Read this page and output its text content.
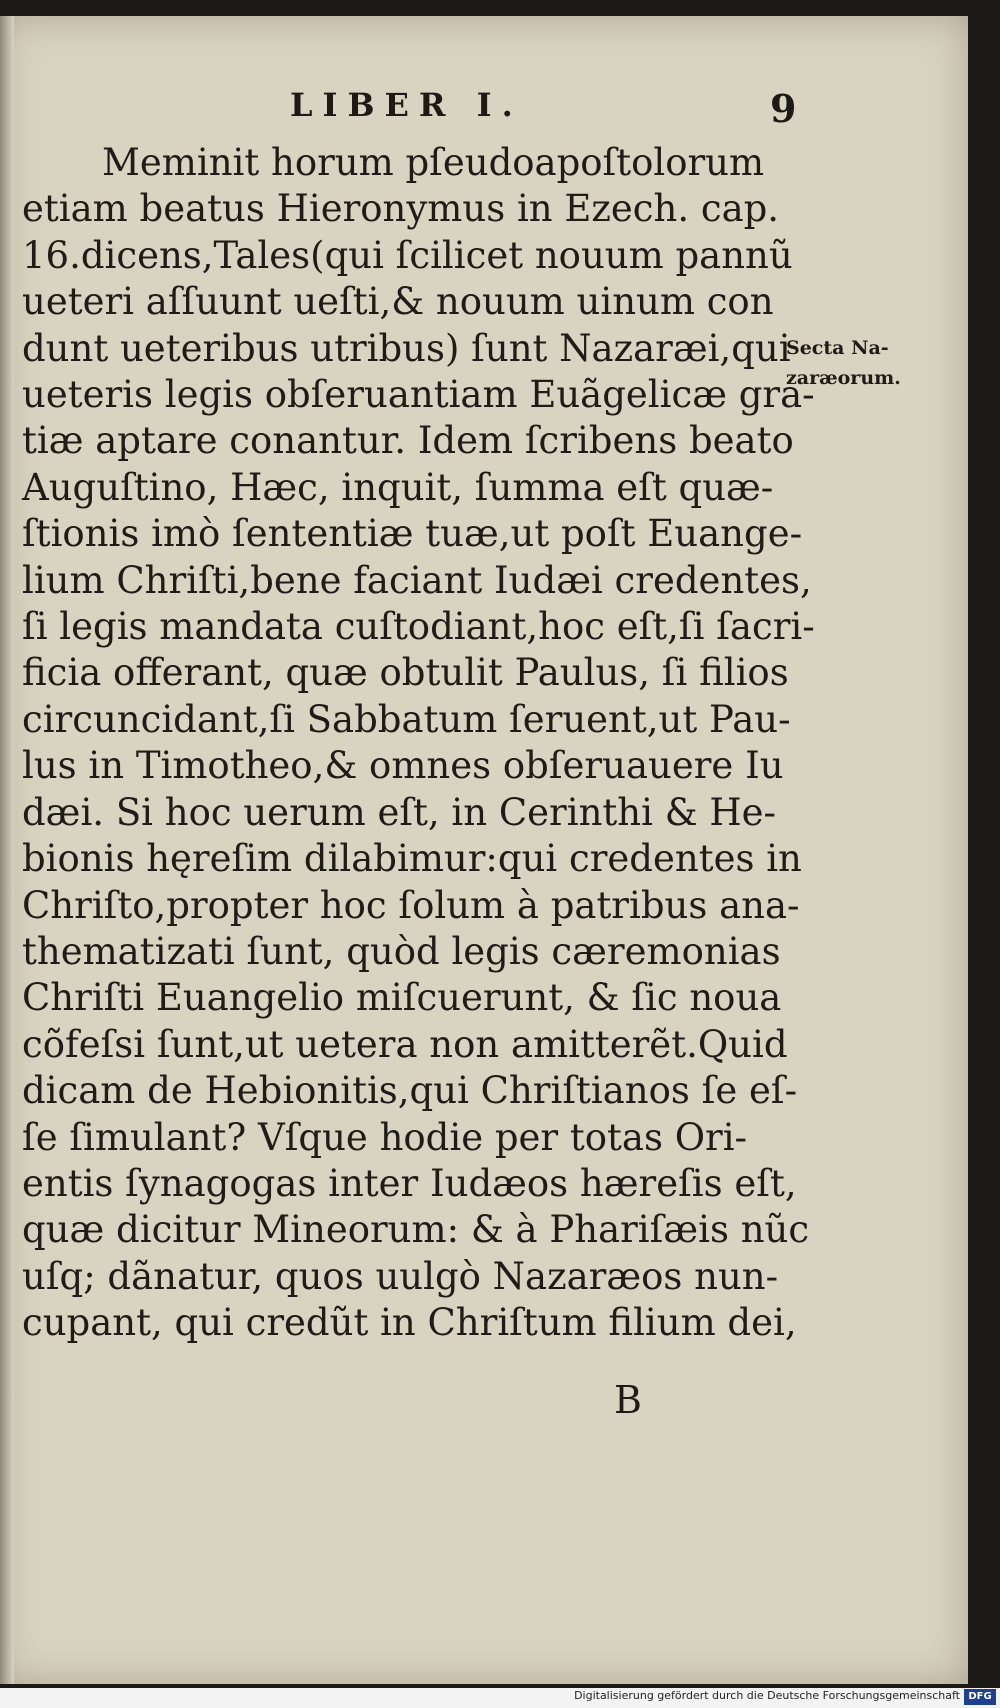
LIBER I.	9
Meminit horum pſeudoapoſtolorum
etiam beatus Hieronymus in Ezech. cap.
16.dicens,Tales(qui ſcilicet nouum pannũ
ueteri aſſuunt ueſti,& nouum uinum con
dunt ueteribus utribus) ſunt Nazaræi,qui
ueteris legis obſeruantiam Euãgelicæ gra-
tiæ aptare conantur. Idem ſcribens beato
Auguſtino, Hæc, inquit, ſumma eſt quæ-
ſtionis imò ſententiæ tuæ,ut poſt Euange-
lium Chriſti,bene faciant Iudæi credentes,
ſi legis mandata cuſtodiant,hoc eſt,ſi ſacri-
ficia offerant, quæ obtulit Paulus, ſi filios
circuncidant,ſi Sabbatum ſeruent,ut Pau-
lus in Timotheo,& omnes obſeruauere Iu
dæi. Si hoc uerum eſt, in Cerinthi & He-
bionis hęreſim dilabimur:qui credentes in
Chriſto,propter hoc ſolum à patribus ana-
thematizati ſunt, quòd legis cæremonias
Chriſti Euangelio miſcuerunt, & ſic noua
cõfeſsi ſunt,ut uetera non amitterẽt.Quid
dicam de Hebionitis,qui Chriſtianos ſe eſ-
ſe ſimulant? Vſque hodie per totas Ori-
entis ſynagogas inter Iudæos hæreſis eſt,
quæ dicitur Mineorum: & à Phariſæis nũc
uſq; dãnatur, quos uulgò Nazaræos nun-
cupant, qui credũt in Chriſtum filium dei,
Secta Na-
zaræorum.
B
Digitalisierung gefördert durch die Deutsche Forschungsgemeinschaft DFG
